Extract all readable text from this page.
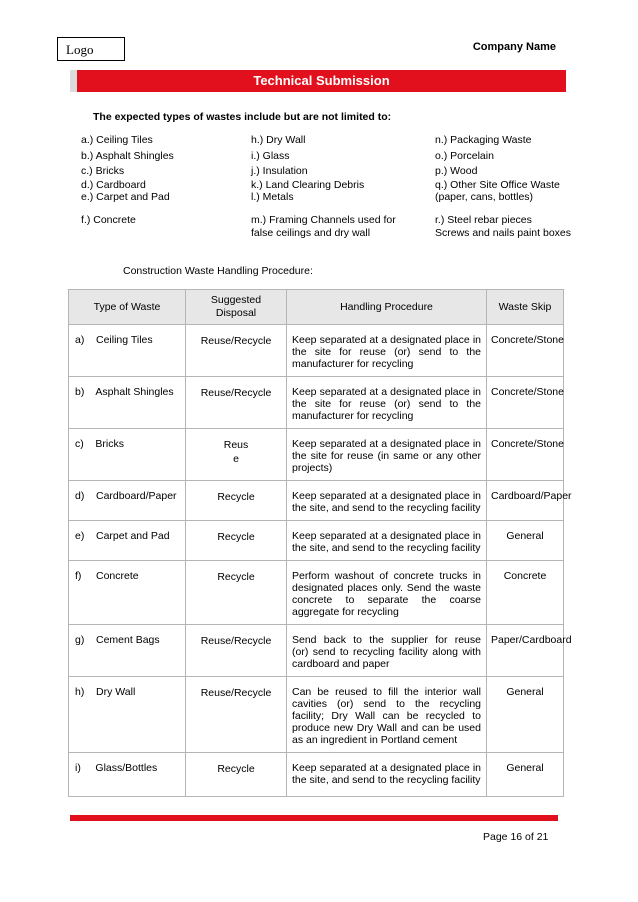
Logo	Company Name
Technical Submission
The expected types of wastes include but are not limited to:
a.) Ceiling Tiles
b.) Asphalt Shingles
c.) Bricks
d.) Cardboard
e.) Carpet and Pad
f.) Concrete
h.) Dry Wall
i.) Glass
j.) Insulation
k.) Land Clearing Debris
l.) Metals
m.) Framing Channels used for
false ceilings and dry wall
n.) Packaging Waste
o.) Porcelain
p.) Wood
q.) Other Site Office Waste
(paper, cans, bottles)
r.) Steel rebar pieces
Screws and nails paint boxes
Construction Waste Handling Procedure:
Type of Waste	Suggested Disposal	Handling Procedure	Waste Skip
a)    Ceiling Tiles	Reuse/Recycle	Keep separated at a designated place in
the site for reuse (or) send to the
manufacturer for recycling	Concrete/Stone
b)    Asphalt Shingles	Reuse/Recycle	Keep separated at a designated place in
the site for reuse (or) send to the
manufacturer for recycling	Concrete/Stone
c)    Bricks	Reus
e	Keep separated at a designated place in
the site for reuse (in same or any other
projects)	Concrete/Stone
d)    Cardboard/Paper	Recycle	Keep separated at a designated place in
the site, and send to the recycling facility	Cardboard/Paper
e)    Carpet and Pad	Recycle	Keep separated at a designated place in
the site, and send to the recycling facility	General
f)     Concrete	Recycle	Perform washout of concrete trucks in
designated places only. Send the waste
concrete to separate the coarse
aggregate for recycling	Concrete
g)    Cement Bags	Reuse/Recycle	Send back to the supplier for reuse
(or) send to recycling facility along with
cardboard and paper	Paper/Cardboard
h)    Dry Wall	Reuse/Recycle	Can be reused to fill the interior wall
cavities (or) send to the recycling
facility; Dry Wall can be recycled to
produce new Dry Wall and can be used
as an ingredient in Portland cement	General
i)     Glass/Bottles	Recycle	Keep separated at a designated place in
the site, and send to the recycling facility	General
Page 16 of 21
